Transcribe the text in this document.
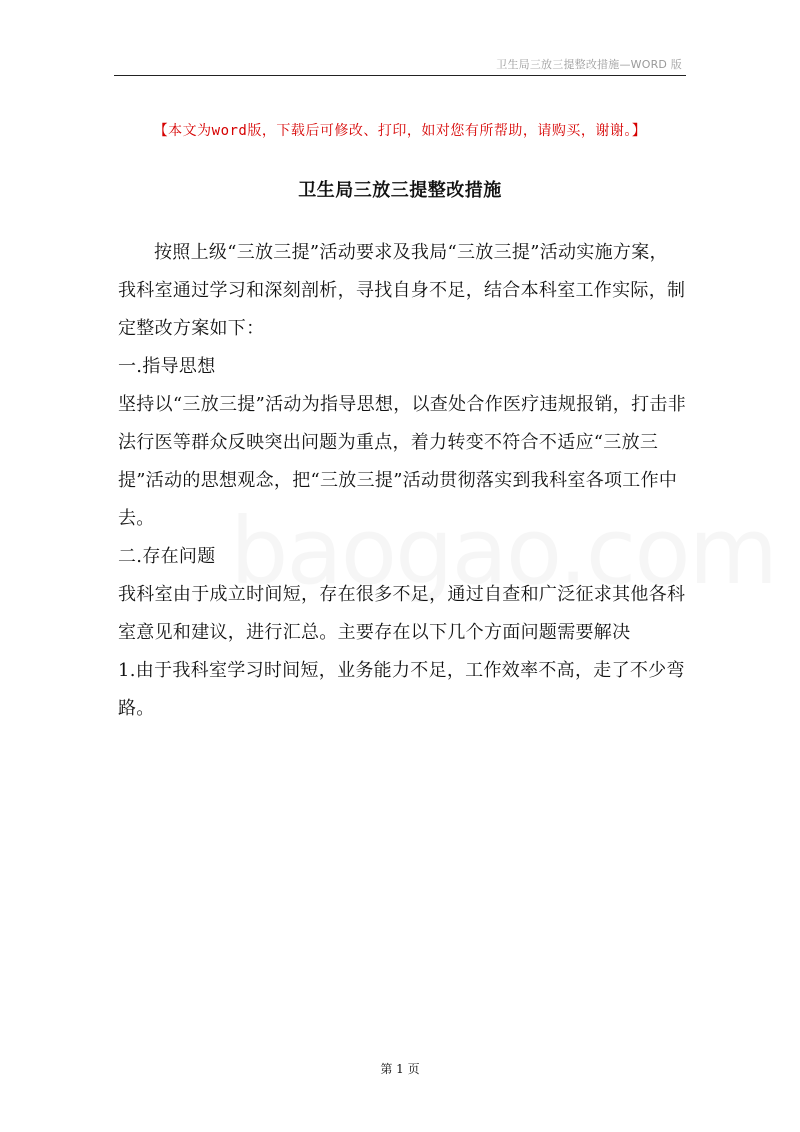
卫生局三放三提整改措施—WORD 版
【本文为word版，下载后可修改、打印，如对您有所帮助，请购买，谢谢。】
卫生局三放三提整改措施

按照上级“三放三提”活动要求及我局“三放三提”活动实施方案，我科室通过学习和深刻剖析，寻找自身不足，结合本科室工作实际，制定整改方案如下：

一.指导思想

坚持以“三放三提”活动为指导思想，以查处合作医疗违规报销，打击非法行医等群众反映突出问题为重点，着力转变不符合不适应“三放三提”活动的思想观念，把“三放三提”活动贯彻落实到我科室各项工作中去。

二.存在问题

我科室由于成立时间短，存在很多不足，通过自查和广泛征求其他各科室意见和建议，进行汇总。主要存在以下几个方面问题需要解决

1.由于我科室学习时间短，业务能力不足，工作效率不高，走了不少弯路。

第 1 页
